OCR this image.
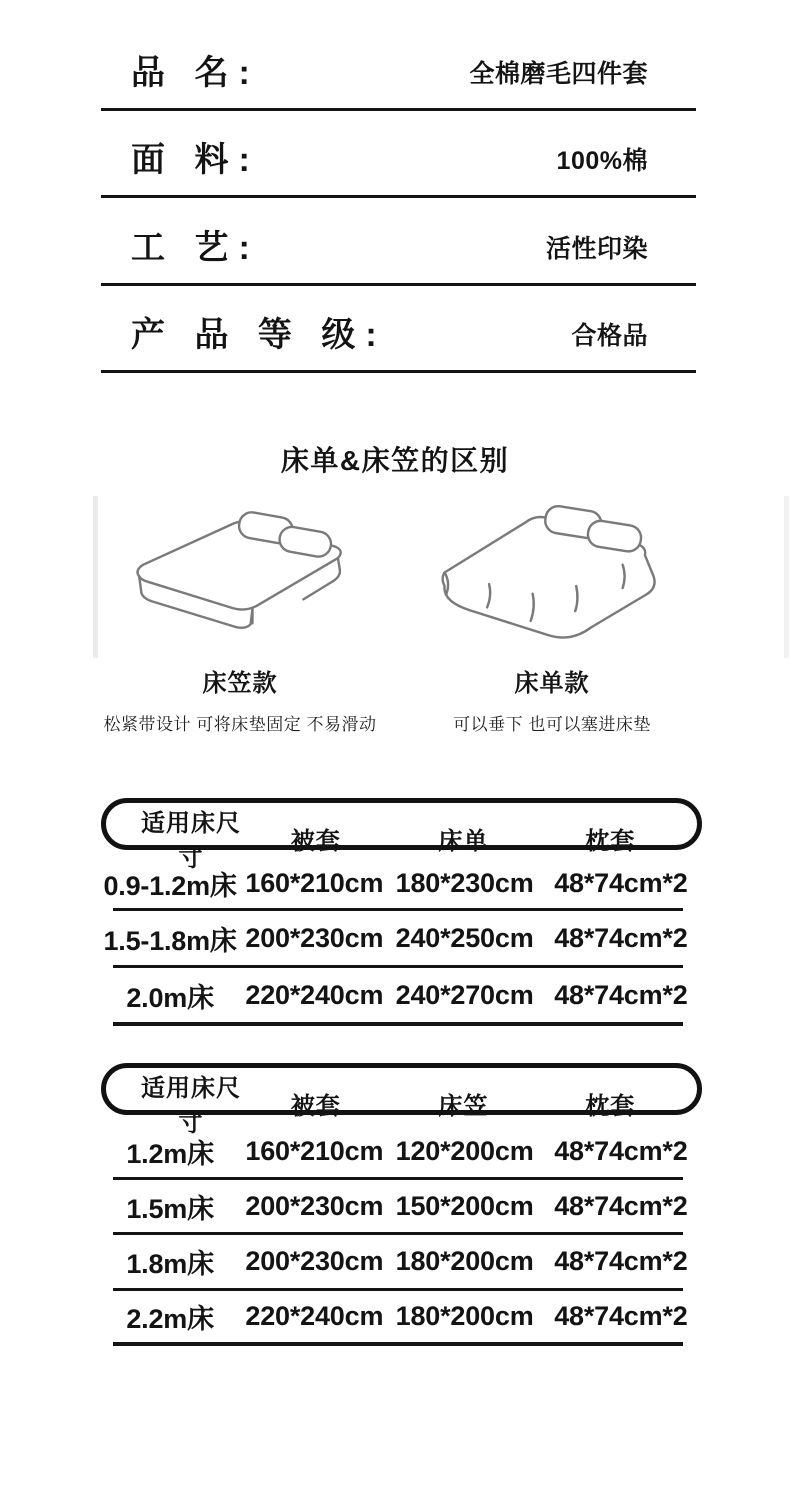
品 名:	全棉磨毛四件套
面 料:	100%棉
工 艺:	活性印染
产 品 等 级:	合格品
床单&床笠的区别
床笠款
松紧带设计 可将床垫固定 不易滑动
床单款
可以垂下 也可以塞进床垫
适用床尺寸
被套	床单	枕套
0.9-1.2m床 160*210cm 180*230cm 48*74cm*2
1.5-1.8m床 200*230cm 240*250cm 48*74cm*2
2.0m床	220*240cm 240*270cm 48*74cm*2
适用床尺寸
被套	床笠	枕套
1.2m床	160*210cm 120*200cm 48*74cm*2
1.5m床	200*230cm 150*200cm 48*74cm*2
1.8m床	200*230cm 180*200cm 48*74cm*2
2.2m床	220*240cm 180*200cm 48*74cm*2
